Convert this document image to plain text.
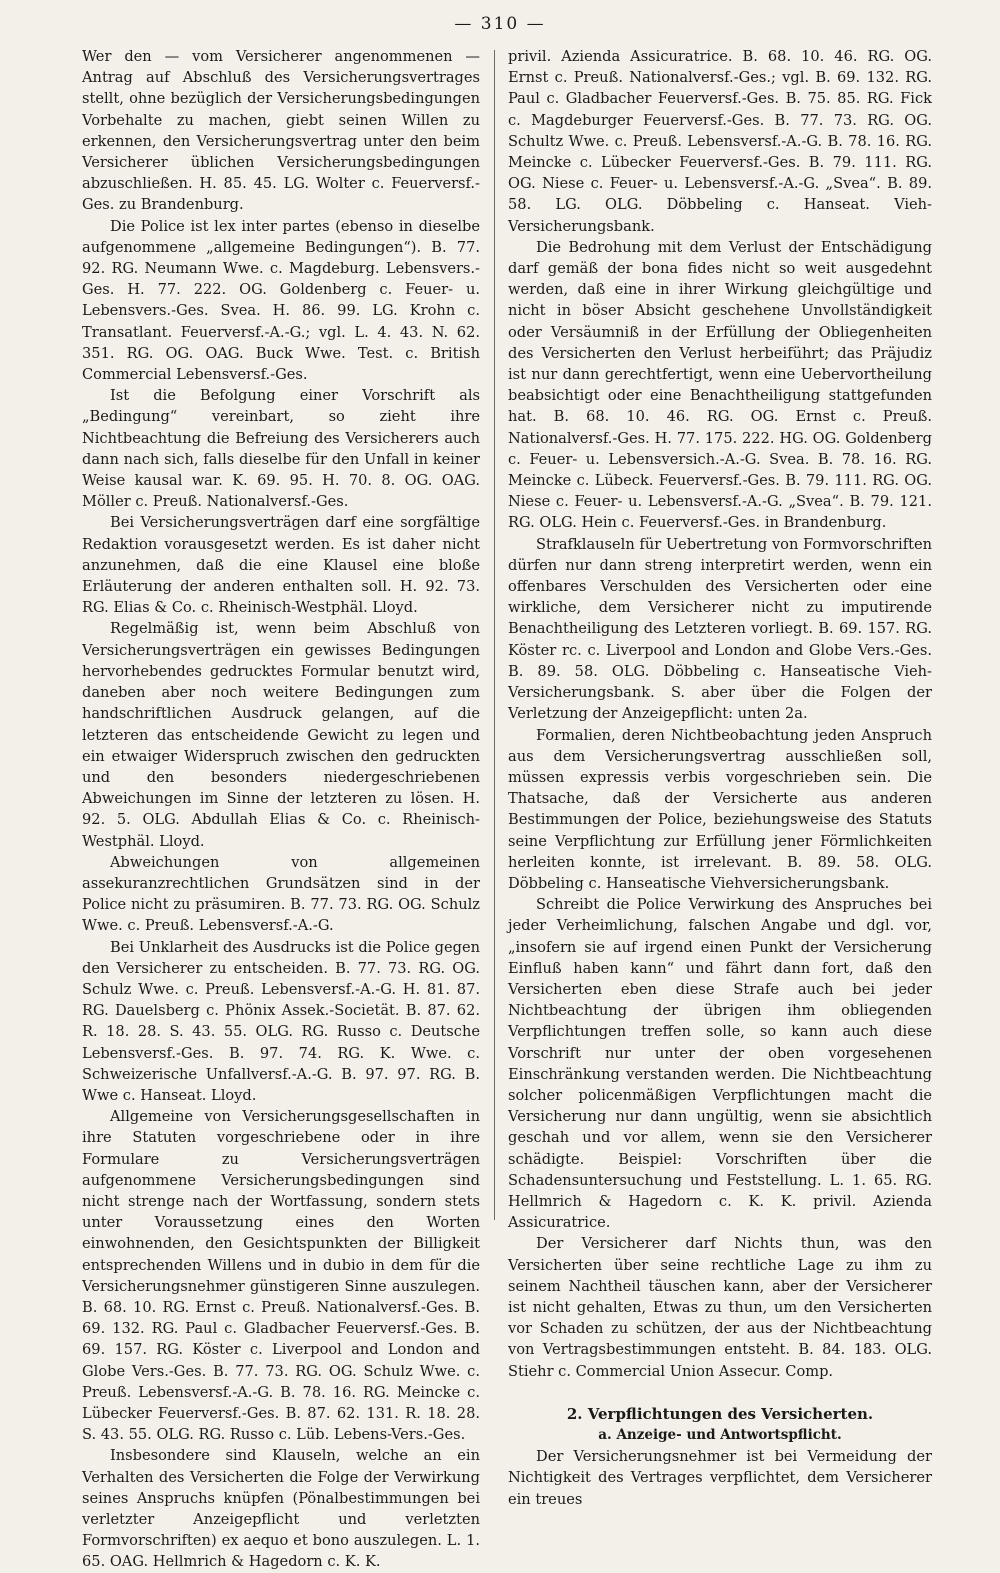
— 310 —

Wer den — vom Versicherer angenommenen — Antrag auf Abschluß des Versicherungsvertrages stellt, ohne bezüglich der Versicherungsbedingungen Vorbehalte zu machen, giebt seinen Willen zu erkennen, den Versicherungsvertrag unter den beim Versicherer üblichen Versicherungsbedingungen abzuschließen. H. 85. 45. LG. Wolter c. Feuerversf.-Ges. zu Brandenburg.

Die Police ist lex inter partes (ebenso in dieselbe aufgenommene „allgemeine Bedingungen“). B. 77. 92. RG. Neumann Wwe. c. Magdeburg. Lebensvers.-Ges. H. 77. 222. OG. Goldenberg c. Feuer- u. Lebensvers.-Ges. Svea. H. 86. 99. LG. Krohn c. Transatlant. Feuerversf.-A.-G.; vgl. L. 4. 43. N. 62. 351. RG. OG. OAG. Buck Wwe. Test. c. British Commercial Lebensversf.-Ges.

Ist die Befolgung einer Vorschrift als „Bedingung“ vereinbart, so zieht ihre Nichtbeachtung die Befreiung des Versicherers auch dann nach sich, falls dieselbe für den Unfall in keiner Weise kausal war. K. 69. 95. H. 70. 8. OG. OAG. Möller c. Preuß. Nationalversf.-Ges.

Bei Versicherungsverträgen darf eine sorgfältige Redaktion vorausgesetzt werden. Es ist daher nicht anzunehmen, daß die eine Klausel eine bloße Erläuterung der anderen enthalten soll. H. 92. 73. RG. Elias & Co. c. Rheinisch-Westphäl. Lloyd.

Regelmäßig ist, wenn beim Abschluß von Versicherungsverträgen ein gewisses Bedingungen hervorhebendes gedrucktes Formular benutzt wird, daneben aber noch weitere Bedingungen zum handschriftlichen Ausdruck gelangen, auf die letzteren das entscheidende Gewicht zu legen und ein etwaiger Widerspruch zwischen den gedruckten und den besonders niedergeschriebenen Abweichungen im Sinne der letzteren zu lösen. H. 92. 5. OLG. Abdullah Elias & Co. c. Rheinisch-Westphäl. Lloyd.

Abweichungen von allgemeinen assekuranzrechtlichen Grundsätzen sind in der Police nicht zu präsumiren. B. 77. 73. RG. OG. Schulz Wwe. c. Preuß. Lebensversf.-A.-G.

Bei Unklarheit des Ausdrucks ist die Police gegen den Versicherer zu entscheiden. B. 77. 73. RG. OG. Schulz Wwe. c. Preuß. Lebensversf.-A.-G. H. 81. 87. RG. Dauelsberg c. Phönix Assek.-Societät. B. 87. 62. R. 18. 28. S. 43. 55. OLG. RG. Russo c. Deutsche Lebensversf.-Ges. B. 97. 74. RG. K. Wwe. c. Schweizerische Unfallversf.-A.-G. B. 97. 97. RG. B. Wwe c. Hanseat. Lloyd.

Allgemeine von Versicherungsgesellschaften in ihre Statuten vorgeschriebene oder in ihre Formulare zu Versicherungsverträgen aufgenommene Versicherungsbedingungen sind nicht strenge nach der Wortfassung, sondern stets unter Voraussetzung eines den Worten einwohnenden, den Gesichtspunkten der Billigkeit entsprechenden Willens und in dubio in dem für die Versicherungsnehmer günstigeren Sinne auszulegen. B. 68. 10. RG. Ernst c. Preuß. Nationalversf.-Ges. B. 69. 132. RG. Paul c. Gladbacher Feuerversf.-Ges. B. 69. 157. RG. Köster c. Liverpool and London and Globe Vers.-Ges. B. 77. 73. RG. OG. Schulz Wwe. c. Preuß. Lebensversf.-A.-G. B. 78. 16. RG. Meincke c. Lübecker Feuerversf.-Ges. B. 87. 62. 131. R. 18. 28. S. 43. 55. OLG. RG. Russo c. Lüb. Lebens-Vers.-Ges.

Insbesondere sind Klauseln, welche an ein Verhalten des Versicherten die Folge der Verwirkung seines Anspruchs knüpfen (Pönalbestimmungen bei verletzter Anzeigepflicht und verletzten Formvorschriften) ex aequo et bono auszulegen. L. 1. 65. OAG. Hellmrich & Hagedorn c. K. K.

privil. Azienda Assicuratrice. B. 68. 10. 46. RG. OG. Ernst c. Preuß. Nationalversf.-Ges.; vgl. B. 69. 132. RG. Paul c. Gladbacher Feuerversf.-Ges. B. 75. 85. RG. Fick c. Magdeburger Feuerversf.-Ges. B. 77. 73. RG. OG. Schultz Wwe. c. Preuß. Lebensversf.-A.-G. B. 78. 16. RG. Meincke c. Lübecker Feuerversf.-Ges. B. 79. 111. RG. OG. Niese c. Feuer- u. Lebensversf.-A.-G. „Svea“. B. 89. 58. LG. OLG. Döbbeling c. Hanseat. Vieh-Versicherungsbank.

Die Bedrohung mit dem Verlust der Entschädigung darf gemäß der bona fides nicht so weit ausgedehnt werden, daß eine in ihrer Wirkung gleichgültige und nicht in böser Absicht geschehene Unvollständigkeit oder Versäumniß in der Erfüllung der Obliegenheiten des Versicherten den Verlust herbeiführt; das Präjudiz ist nur dann gerechtfertigt, wenn eine Uebervortheilung beabsichtigt oder eine Benachtheiligung stattgefunden hat. B. 68. 10. 46. RG. OG. Ernst c. Preuß. Nationalversf.-Ges. H. 77. 175. 222. HG. OG. Goldenberg c. Feuer- u. Lebensversich.-A.-G. Svea. B. 78. 16. RG. Meincke c. Lübeck. Feuerversf.-Ges. B. 79. 111. RG. OG. Niese c. Feuer- u. Lebensversf.-A.-G. „Svea“. B. 79. 121. RG. OLG. Hein c. Feuerversf.-Ges. in Brandenburg.

Strafklauseln für Uebertretung von Formvorschriften dürfen nur dann streng interpretirt werden, wenn ein offenbares Verschulden des Versicherten oder eine wirkliche, dem Versicherer nicht zu imputirende Benachtheiligung des Letzteren vorliegt. B. 69. 157. RG. Köster rc. c. Liverpool and London and Globe Vers.-Ges. B. 89. 58. OLG. Döbbeling c. Hanseatische Vieh-Versicherungsbank. S. aber über die Folgen der Verletzung der Anzeigepflicht: unten 2a.

Formalien, deren Nichtbeobachtung jeden Anspruch aus dem Versicherungsvertrag ausschließen soll, müssen expressis verbis vorgeschrieben sein. Die Thatsache, daß der Versicherte aus anderen Bestimmungen der Police, beziehungsweise des Statuts seine Verpflichtung zur Erfüllung jener Förmlichkeiten herleiten konnte, ist irrelevant. B. 89. 58. OLG. Döbbeling c. Hanseatische Viehversicherungsbank.

Schreibt die Police Verwirkung des Anspruches bei jeder Verheimlichung, falschen Angabe und dgl. vor, „insofern sie auf irgend einen Punkt der Versicherung Einfluß haben kann“ und fährt dann fort, daß den Versicherten eben diese Strafe auch bei jeder Nichtbeachtung der übrigen ihm obliegenden Verpflichtungen treffen solle, so kann auch diese Vorschrift nur unter der oben vorgesehenen Einschränkung verstanden werden. Die Nichtbeachtung solcher policenmäßigen Verpflichtungen macht die Versicherung nur dann ungültig, wenn sie absichtlich geschah und vor allem, wenn sie den Versicherer schädigte. Beispiel: Vorschriften über die Schadensuntersuchung und Feststellung. L. 1. 65. RG. Hellmrich & Hagedorn c. K. K. privil. Azienda Assicuratrice.

Der Versicherer darf Nichts thun, was den Versicherten über seine rechtliche Lage zu ihm zu seinem Nachtheil täuschen kann, aber der Versicherer ist nicht gehalten, Etwas zu thun, um den Versicherten vor Schaden zu schützen, der aus der Nichtbeachtung von Vertragsbestimmungen entsteht. B. 84. 183. OLG. Stiehr c. Commercial Union Assecur. Comp.

2. Verpflichtungen des Versicherten.
a. Anzeige- und Antwortspflicht.

Der Versicherungsnehmer ist bei Vermeidung der Nichtigkeit des Vertrages verpflichtet, dem Versicherer ein treues
